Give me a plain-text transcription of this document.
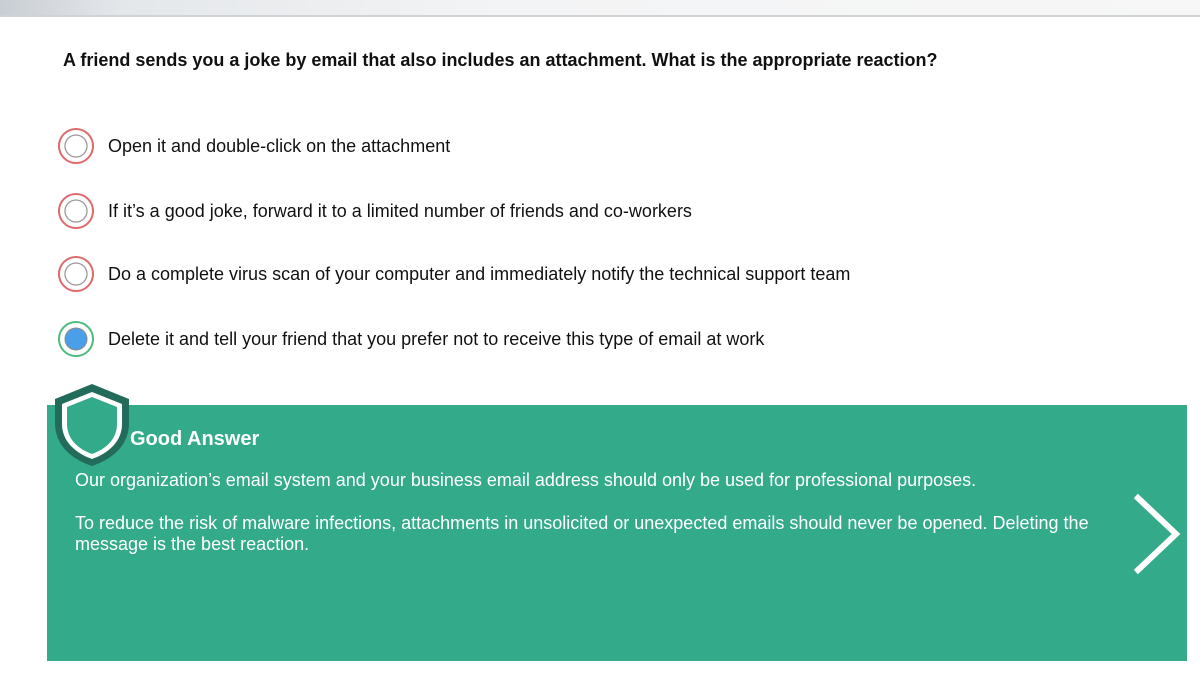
A friend sends you a joke by email that also includes an attachment. What is the appropriate reaction?

Open it and double-click on the attachment
If it’s a good joke, forward it to a limited number of friends and co-workers
Do a complete virus scan of your computer and immediately notify the technical support team
Delete it and tell your friend that you prefer not to receive this type of email at work

Good Answer

Our organization’s email system and your business email address should only be used for professional purposes.

To reduce the risk of malware infections, attachments in unsolicited or unexpected emails should never be opened. Deleting the message is the best reaction.
